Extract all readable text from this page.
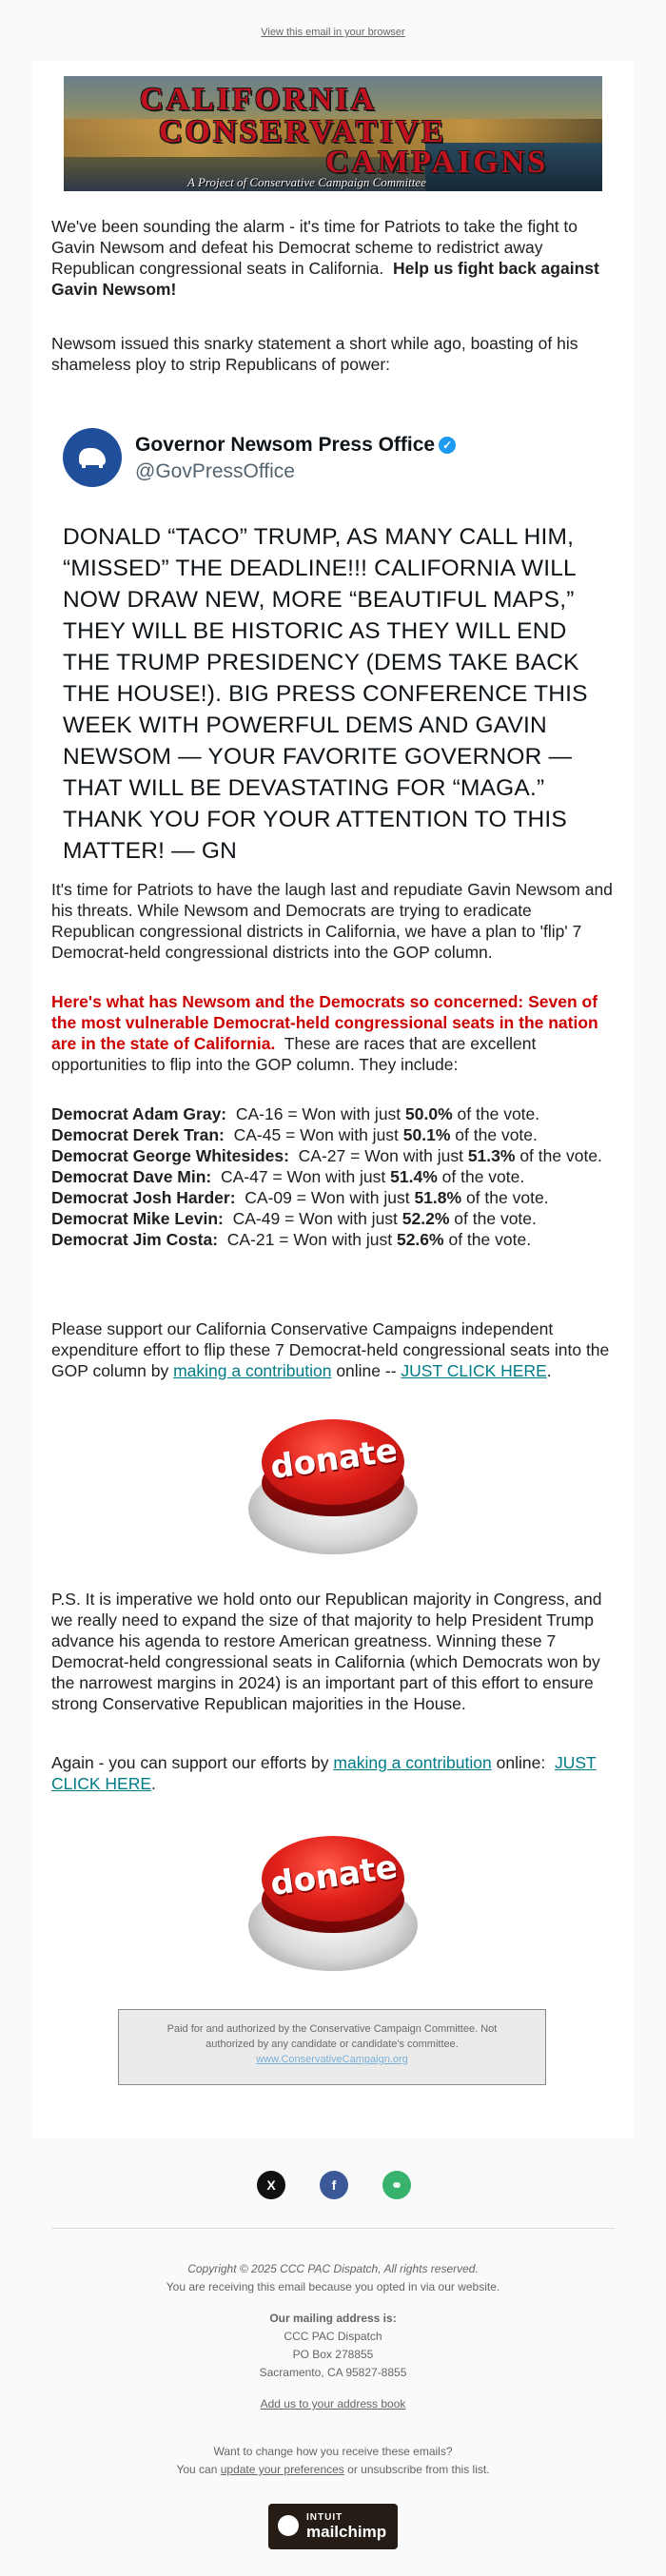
View this email in your browser
CALIFORNIA
CONSERVATIVE
CAMPAIGNS
A Project of Conservative Campaign Committee
We've been sounding the alarm - it's time for Patriots to take the fight to Gavin Newsom and defeat his Democrat scheme to redistrict away Republican congressional seats in California. Help us fight back against Gavin Newsom!
Newsom issued this snarky statement a short while ago, boasting of his shameless ploy to strip Republicans of power:
Governor Newsom Press Office ✓
@GovPressOffice
DONALD “TACO” TRUMP, AS MANY CALL HIM, “MISSED” THE DEADLINE!!! CALIFORNIA WILL NOW DRAW NEW, MORE “BEAUTIFUL MAPS,” THEY WILL BE HISTORIC AS THEY WILL END THE TRUMP PRESIDENCY (DEMS TAKE BACK THE HOUSE!). BIG PRESS CONFERENCE THIS WEEK WITH POWERFUL DEMS AND GAVIN NEWSOM — YOUR FAVORITE GOVERNOR — THAT WILL BE DEVASTATING FOR “MAGA.” THANK YOU FOR YOUR ATTENTION TO THIS MATTER! — GN
It's time for Patriots to have the laugh last and repudiate Gavin Newsom and his threats. While Newsom and Democrats are trying to eradicate Republican congressional districts in California, we have a plan to 'flip' 7 Democrat-held congressional districts into the GOP column.
Here's what has Newsom and the Democrats so concerned: Seven of the most vulnerable Democrat-held congressional seats in the nation are in the state of California. These are races that are excellent opportunities to flip into the GOP column. They include:
Democrat Adam Gray: CA-16 = Won with just 50.0% of the vote.
Democrat Derek Tran: CA-45 = Won with just 50.1% of the vote.
Democrat George Whitesides: CA-27 = Won with just 51.3% of the vote.
Democrat Dave Min: CA-47 = Won with just 51.4% of the vote.
Democrat Josh Harder: CA-09 = Won with just 51.8% of the vote.
Democrat Mike Levin: CA-49 = Won with just 52.2% of the vote.
Democrat Jim Costa: CA-21 = Won with just 52.6% of the vote.
Please support our California Conservative Campaigns independent expenditure effort to flip these 7 Democrat-held congressional seats into the GOP column by making a contribution online -- JUST CLICK HERE.
donate
P.S. It is imperative we hold onto our Republican majority in Congress, and we really need to expand the size of that majority to help President Trump advance his agenda to restore American greatness. Winning these 7 Democrat-held congressional seats in California (which Democrats won by the narrowest margins in 2024) is an important part of this effort to ensure strong Conservative Republican majorities in the House.
Again - you can support our efforts by making a contribution online: JUST CLICK HERE.
donate
Paid for and authorized by the Conservative Campaign Committee. Not
authorized by any candidate or candidate's committee.
www.ConservativeCampaign.org
X	f	⚭
Copyright © 2025 CCC PAC Dispatch, All rights reserved.
You are receiving this email because you opted in via our website.
Our mailing address is:
CCC PAC Dispatch
PO Box 278855
Sacramento, CA 95827-8855
Add us to your address book
Want to change how you receive these emails?
You can update your preferences or unsubscribe from this list.
INTUIT
mailchimp
